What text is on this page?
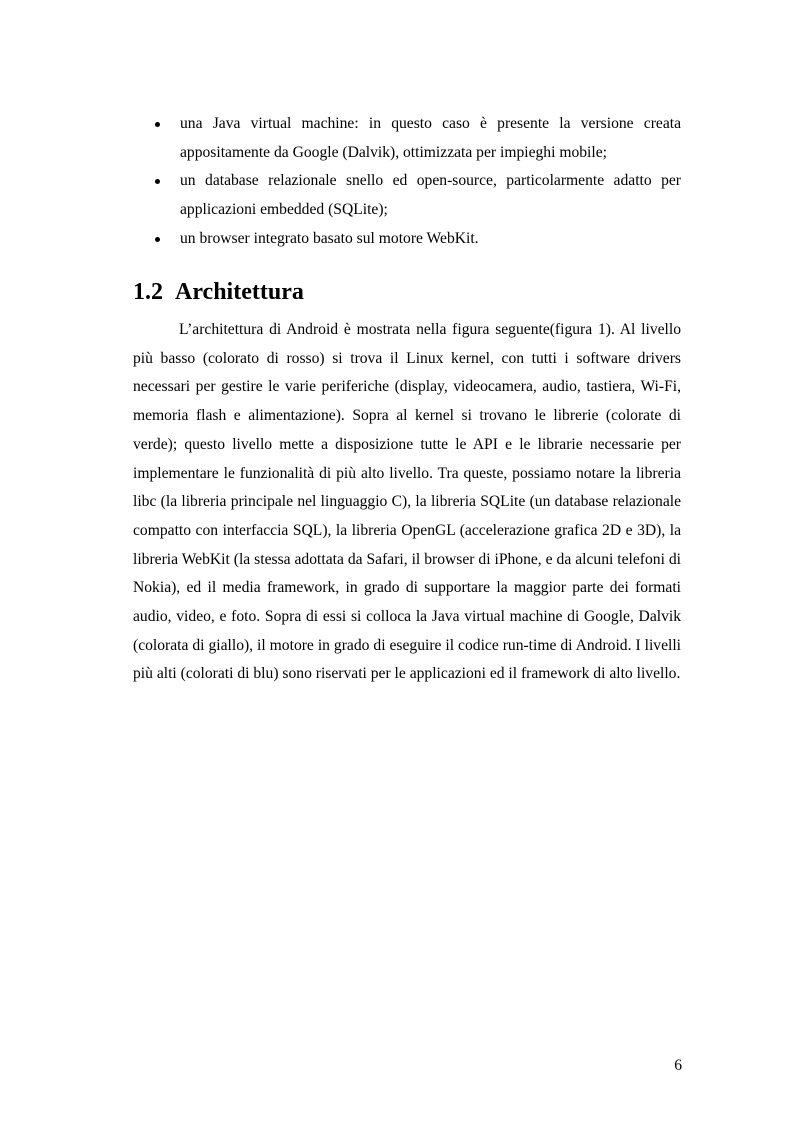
una Java virtual machine: in questo caso è presente la versione creata appositamente da Google (Dalvik), ottimizzata per impieghi mobile;
un database relazionale snello ed open-source, particolarmente adatto per applicazioni embedded (SQLite);
un browser integrato basato sul motore WebKit.
1.2 Architettura

L’architettura di Android è mostrata nella figura seguente(figura 1). Al livello più basso (colorato di rosso) si trova il Linux kernel, con tutti i software drivers necessari per gestire le varie periferiche (display, videocamera, audio, tastiera, Wi-Fi, memoria flash e alimentazione). Sopra al kernel si trovano le librerie (colorate di verde); questo livello mette a disposizione tutte le API e le librarie necessarie per implementare le funzionalità di più alto livello. Tra queste, possiamo notare la libreria libc (la libreria principale nel linguaggio C), la libreria SQLite (un database relazionale compatto con interfaccia SQL), la libreria OpenGL (accelerazione grafica 2D e 3D), la libreria WebKit (la stessa adottata da Safari, il browser di iPhone, e da alcuni telefoni di Nokia), ed il media framework, in grado di supportare la maggior parte dei formati audio, video, e foto. Sopra di essi si colloca la Java virtual machine di Google, Dalvik (colorata di giallo), il motore in grado di eseguire il codice run-time di Android. I livelli più alti (colorati di blu) sono riservati per le applicazioni ed il framework di alto livello.

6
